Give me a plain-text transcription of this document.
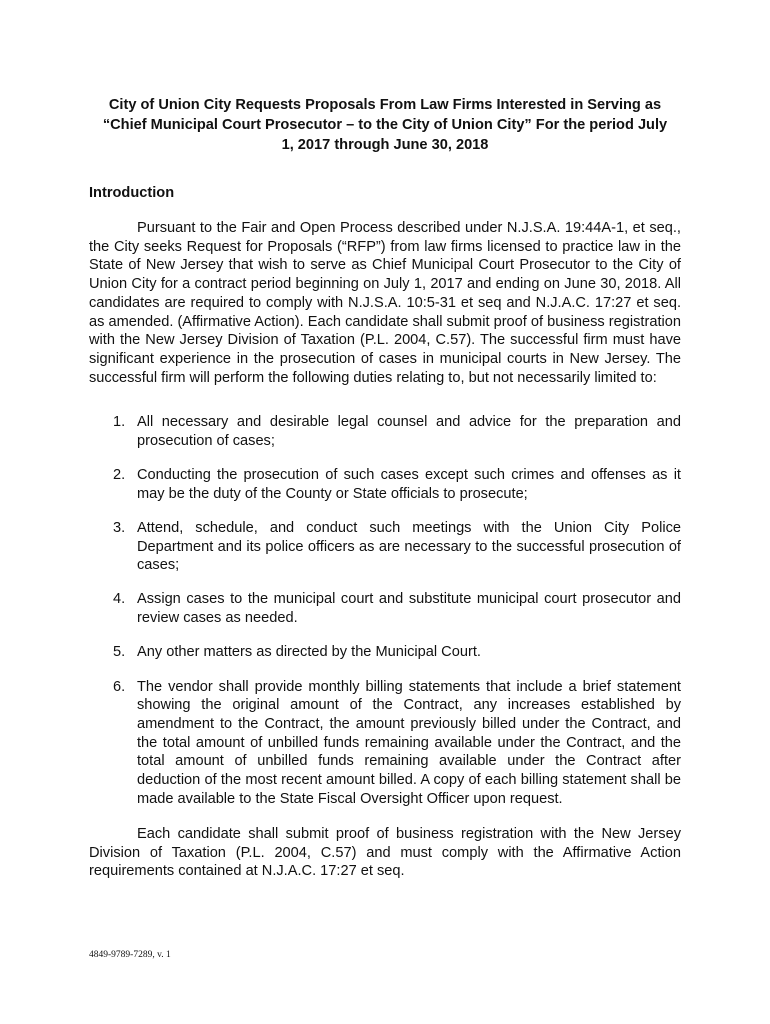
City of Union City Requests Proposals From Law Firms Interested in Serving as “Chief Municipal Court Prosecutor – to the City of Union City” For the period July 1, 2017 through June 30, 2018
Introduction

Pursuant to the Fair and Open Process described under N.J.S.A. 19:44A-1, et seq., the City seeks Request for Proposals (“RFP”) from law firms licensed to practice law in the State of New Jersey that wish to serve as Chief Municipal Court Prosecutor to the City of Union City for a contract period beginning on July 1, 2017 and ending on June 30, 2018. All candidates are required to comply with N.J.S.A. 10:5-31 et seq and N.J.A.C. 17:27 et seq. as amended. (Affirmative Action). Each candidate shall submit proof of business registration with the New Jersey Division of Taxation (P.L. 2004, C.57). The successful firm must have significant experience in the prosecution of cases in municipal courts in New Jersey. The successful firm will perform the following duties relating to, but not necessarily limited to:

1. All necessary and desirable legal counsel and advice for the preparation and prosecution of cases;
2. Conducting the prosecution of such cases except such crimes and offenses as it may be the duty of the County or State officials to prosecute;
3. Attend, schedule, and conduct such meetings with the Union City Police Department and its police officers as are necessary to the successful prosecution of cases;
4. Assign cases to the municipal court and substitute municipal court prosecutor and review cases as needed.
5. Any other matters as directed by the Municipal Court.
6. The vendor shall provide monthly billing statements that include a brief statement showing the original amount of the Contract, any increases established by amendment to the Contract, the amount previously billed under the Contract, and the total amount of unbilled funds remaining available under the Contract, and the total amount of unbilled funds remaining available under the Contract after deduction of the most recent amount billed. A copy of each billing statement shall be made available to the State Fiscal Oversight Officer upon request.

Each candidate shall submit proof of business registration with the New Jersey Division of Taxation (P.L. 2004, C.57) and must comply with the Affirmative Action requirements contained at N.J.A.C. 17:27 et seq.

4849-9789-7289, v. 1
